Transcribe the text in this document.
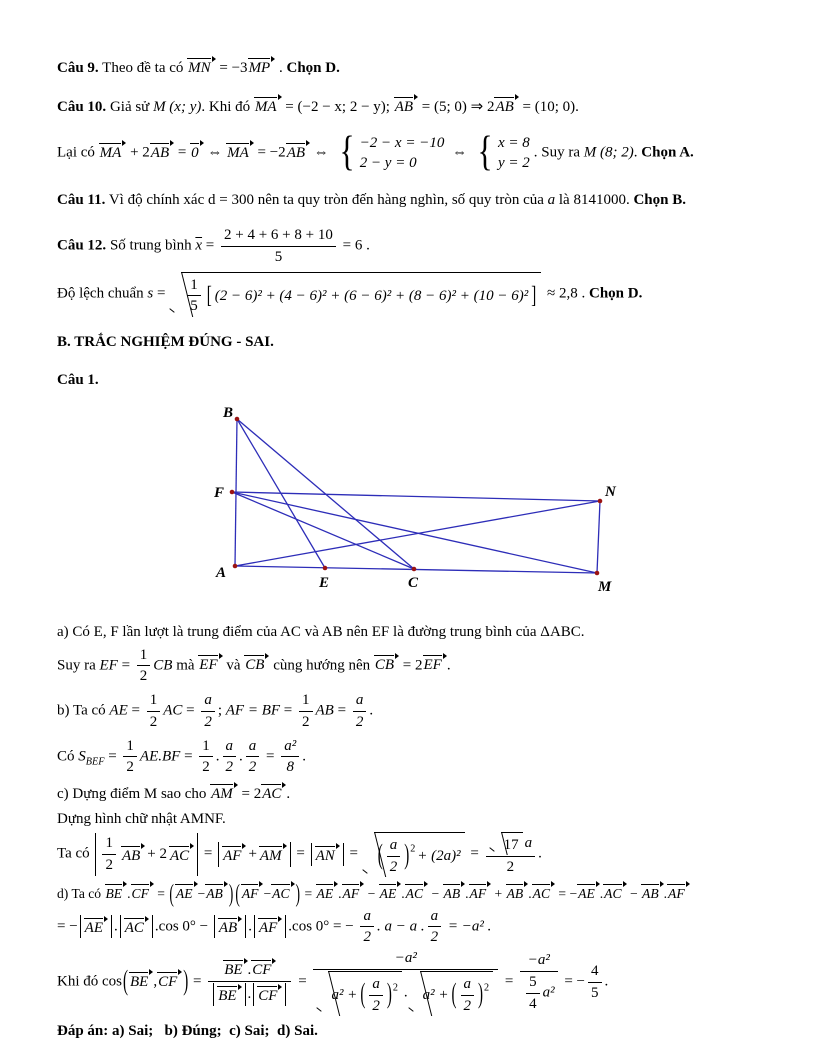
Câu 9. Theo đề ta có MN = −3MP . Chọn D.

Câu 10. Giả sử M (x; y). Khi đó MA = (−2 − x; 2 − y); AB = (5; 0) ⇒ 2AB = (10; 0).

Lại có MA + 2AB = 0 ⇔ MA = −2AB ⇔ { −2 − x = −10
2 − y = 0
⇔ { x = 8
y = 2
. Suy ra M (8; 2). Chọn A.

Câu 11. Vì độ chính xác d = 300 nên ta quy tròn đến hàng nghìn, số quy tròn của a là 8141000. Chọn B.

Câu 12. Số trung bình $\overline{x} = \frac{2 + 4 + 6 + 8 + 10}{5} = 6$ .

Độ lệch chuẩn $s = \frac{1}{5}$ [ (2 − 6)² + (4 − 6)² + (6 − 6)² + (8 − 6)² + (10 − 6)² ] ≈ 2,8 . Chọn D.

B. TRẮC NGHIỆM ĐÚNG - SAI.

Câu 1.

B
F	N
A
E	C	M

a) Có E, F lần lượt là trung điểm của AC và AB nên EF là đường trung bình của ΔABC.

Suy ra EF = $\frac{1}{2}$ CB mà EF và CB cùng hướng nên CB = 2EF .

b) Ta có AE = $\frac{1}{2}$ AC = $\frac{a}{2}$ ; AF = BF = $\frac{1}{2}$ AB = $\frac{a}{2}$ .

Có $S_{BEF} = \frac{1}{2} AE.BF = \frac{1}{2}$ . $\frac{a}{2}$ . $\frac{a}{2} = \frac{\text{a²}}{8}$ .

c) Dựng điểm M sao cho AM = 2AC .

Dựng hình chữ nhật AMNF.

Ta có $\frac{1}{2}$ AB + 2 AC = AF + AM = AN = ( $\frac{a}{2} )^2 + (2a)^2 = \frac{17 a}{2}$ .

d) Ta có BE .CF = ( AE −AB ) ( AF −AC ) = AE .AF − AE .AC − AB .AF + AB .AC = −AE .AC − AB .AF

= − AE . AC .cos 0° − AB . AF .cos 0° = − $\frac{a}{2}$ . a − a . $\frac{a}{2} = -a^2$ .

Khi đó cos( BE ,CF ) = $\frac{BE .CF}{BE . CF} = \frac{\text{−a²}}{a^2 + ( \frac{a}{2} )^2 . a^2 + ( \frac{a}{2} )^2} = \frac{\text{−a²}}{\frac{5}{4} a^2}$ = − $\frac{4}{5}$ .

Đáp án: a) Sai;   b) Đúng;  c) Sai;  d) Sai.
